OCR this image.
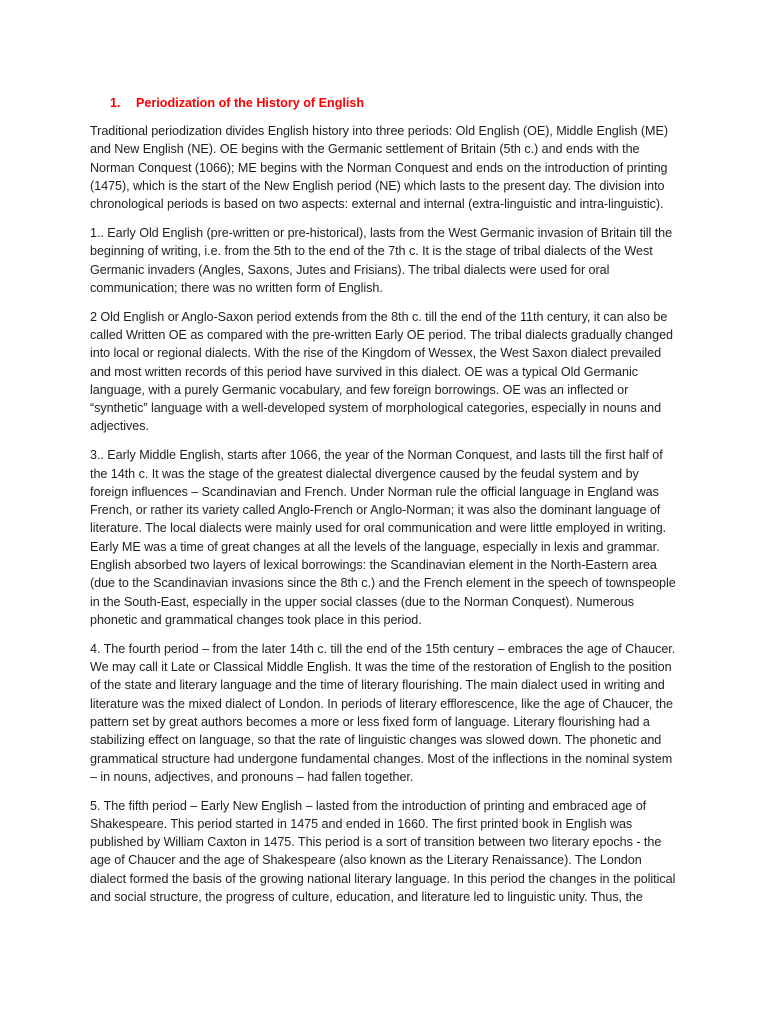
1.	Periodization of the History of English

Traditional periodization divides English history into three periods: Old English (OE), Middle English (ME) and New English (NE). OE begins with the Germanic settlement of Britain (5th c.) and ends with the Norman Conquest (1066); ME begins with the Norman Conquest and ends on the introduction of printing (1475), which is the start of the New English period (NE) which lasts to the present day. The division into chronological periods is based on two aspects: external and internal (extra-linguistic and intra-linguistic).

1.. Early Old English (pre-written or pre-historical), lasts from the West Germanic invasion of Britain till the beginning of writing, i.e. from the 5th to the end of the 7th c. It is the stage of tribal dialects of the West Germanic invaders (Angles, Saxons, Jutes and Frisians). The tribal dialects were used for oral communication; there was no written form of English.

2 Old English or Anglo-Saxon period extends from the 8th c. till the end of the 11th century, it can also be called Written OE as compared with the pre-written Early OE period. The tribal dialects gradually changed into local or regional dialects. With the rise of the Kingdom of Wessex, the West Saxon dialect prevailed and most written records of this period have survived in this dialect. OE was a typical Old Germanic language, with a purely Germanic vocabulary, and few foreign borrowings. OE was an inflected or “synthetic” language with a well-developed system of morphological categories, especially in nouns and adjectives.

3.. Early Middle English, starts after 1066, the year of the Norman Conquest, and lasts till the first half of the 14th c. It was the stage of the greatest dialectal divergence caused by the feudal system and by foreign influences – Scandinavian and French. Under Norman rule the official language in England was French, or rather its variety called Anglo-French or Anglo-Norman; it was also the dominant language of literature. The local dialects were mainly used for oral communication and were little employed in writing. Early ME was a time of great changes at all the levels of the language, especially in lexis and grammar. English absorbed two layers of lexical borrowings: the Scandinavian element in the North-Eastern area (due to the Scandinavian invasions since the 8th c.) and the French element in the speech of townspeople in the South-East, especially in the upper social classes (due to the Norman Conquest). Numerous phonetic and grammatical changes took place in this period.

4. The fourth period – from the later 14th c. till the end of the 15th century – embraces the age of Chaucer. We may call it Late or Classical Middle English. It was the time of the restoration of English to the position of the state and literary language and the time of literary flourishing. The main dialect used in writing and literature was the mixed dialect of London. In periods of literary efflorescence, like the age of Chaucer, the pattern set by great authors becomes a more or less fixed form of language. Literary flourishing had a stabilizing effect on language, so that the rate of linguistic changes was slowed down. The phonetic and grammatical structure had undergone fundamental changes. Most of the inflections in the nominal system – in nouns, adjectives, and pronouns – had fallen together.

5. The fifth period – Early New English – lasted from the introduction of printing and embraced age of Shakespeare. This period started in 1475 and ended in 1660. The first printed book in English was published by William Caxton in 1475. This period is a sort of transition between two literary epochs - the age of Chaucer and the age of Shakespeare (also known as the Literary Renaissance). The London dialect formed the basis of the growing national literary language. In this period the changes in the political and social structure, the progress of culture, education, and literature led to linguistic unity. Thus, the
